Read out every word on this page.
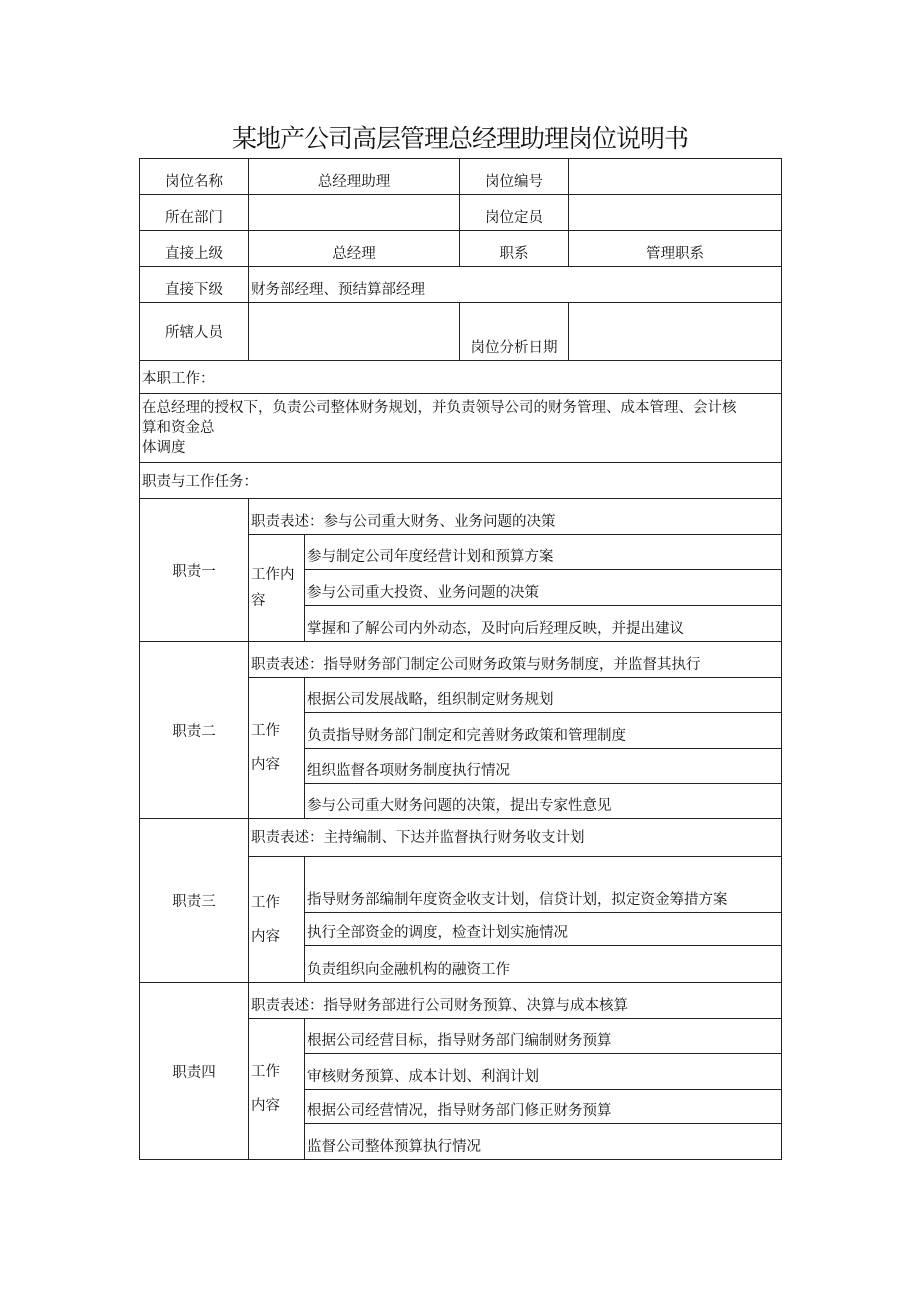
某地产公司高层管理总经理助理岗位说明书
岗位名称	总经理助理		岗位编号	
所在部门			岗位定员	
直接上级	总经理		职系	管理职系
直接下级	财务部经理、预结算部经理			
所辖人员			岗位分析日期	
本职工作：				

在总经理的授权下，负责公司整体财务规划，并负责领导公司的财务管理、成本管理、会计核
算和资金总
体调度				

职责与工作任务：				
职责一	职责表述：参与公司重大财务、业务问题的决策			

	工作内
容	参与制定公司年度经营计划和预算方案		
		参与公司重大投资、业务问题的决策		
		掌握和了解公司内外动态，及时向后羟理反映，并提出建议		
职责二	职责表述：指导财务部门制定公司财务政策与财务制度，并监督其执行			

	工作
内容	根据公司发展战略，组织制定财务规划		
		负责指导财务部门制定和完善财务政策和管理制度		
		组织监督各项财务制度执行情况		
		参与公司重大财务问题的决策，提出专家性意见		
职责三	职责表述：主持编制、下达并监督执行财务收支计划			

	工作
内容	指导财务部编制年度资金收支计划，信贷计划，拟定资金筹措方案		
		执行全部资金的调度，检查计划实施情况		
		负责组织向金融机构的融资工作		
职责四	职责表述：指导财务部进行公司财务预算、决算与成本核算			

	工作
内容	根据公司经营目标，指导财务部门编制财务预算		
		审核财务预算、成本计划、利润计划		
		根据公司经营情况，指导财务部门修正财务预算		
		监督公司整体预算执行情况		
